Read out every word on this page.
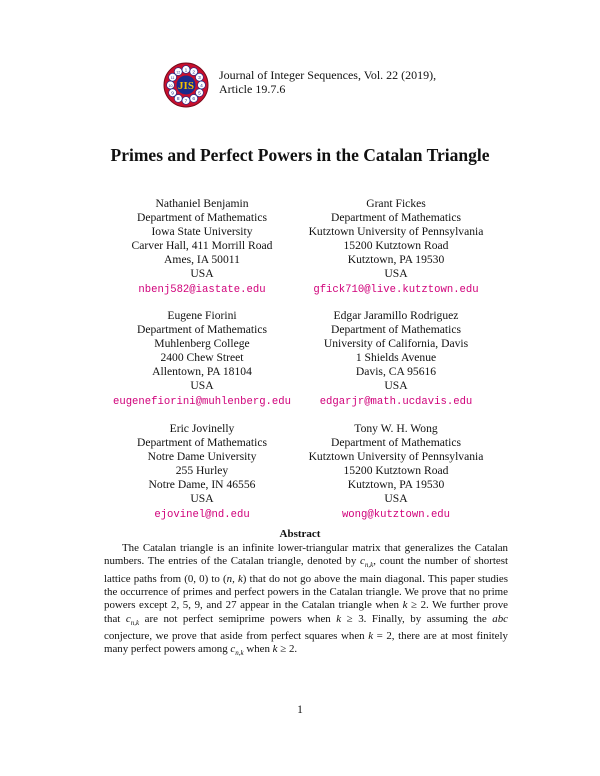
1 2
3
4
5
6
7
8
9
10
11
12
JIS
Journal of Integer Sequences, Vol. 22 (2019),
Article 19.7.6
Primes and Perfect Powers in the Catalan Triangle
Nathaniel Benjamin
Department of Mathematics
Iowa State University
Carver Hall, 411 Morrill Road
Ames, IA 50011
USA
nbenj582@iastate.edu
Grant Fickes
Department of Mathematics
Kutztown University of Pennsylvania
15200 Kutztown Road
Kutztown, PA 19530
USA
gfick710@live.kutztown.edu
Eugene Fiorini
Department of Mathematics
Muhlenberg College
2400 Chew Street
Allentown, PA 18104
USA
eugenefiorini@muhlenberg.edu
Edgar Jaramillo Rodriguez
Department of Mathematics
University of California, Davis
1 Shields Avenue
Davis, CA 95616
USA
edgarjr@math.ucdavis.edu
Eric Jovinelly
Department of Mathematics
Notre Dame University
255 Hurley
Notre Dame, IN 46556
USA
ejovinel@nd.edu
Tony W. H. Wong
Department of Mathematics
Kutztown University of Pennsylvania
15200 Kutztown Road
Kutztown, PA 19530
USA
wong@kutztown.edu
Abstract

The Catalan triangle is an infinite lower-triangular matrix that generalizes the Catalan numbers. The entries of the Catalan triangle, denoted by $c_{n,k}$, count the number of shortest lattice paths from (0, 0) to (n, k) that do not go above the main diagonal. This paper studies the occurrence of primes and perfect powers in the Catalan triangle. We prove that no prime powers except 2, 5, 9, and 27 appear in the Catalan triangle when k ≥ 2. We further prove that $c_{n,k}$ are not perfect semiprime powers when k ≥ 3. Finally, by assuming the abc conjecture, we prove that aside from perfect squares when k = 2, there are at most finitely many perfect powers among $c_{n,k}$ when k ≥ 2.

1
